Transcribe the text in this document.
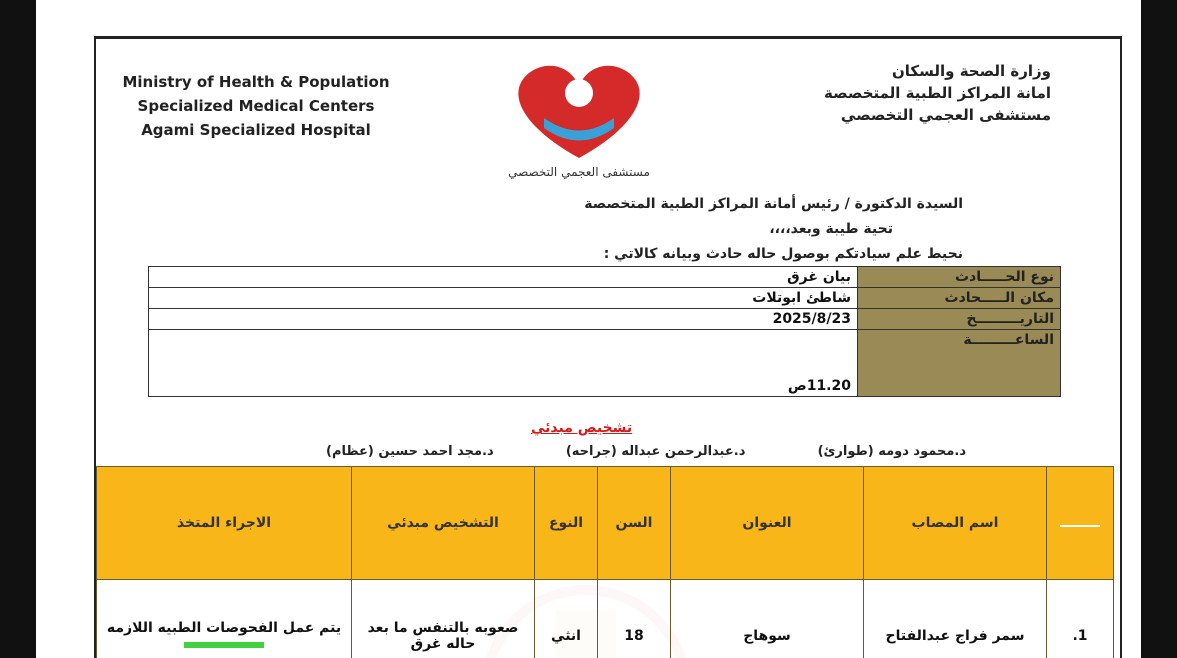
Ministry of Health & Population
Specialized Medical Centers
Agami Specialized Hospital
مستشفى العجمي التخصصي
وزارة الصحة والسكان
امانة المراكز الطبية المتخصصة
مستشفى العجمي التخصصي
السيدة الدكتورة / رئيس أمانة المراكز الطبية المتخصصة
تحية طيبة وبعد،،،،
نحيط علم سيادتكم بوصول حاله حادث وبيانه كالاتي :
نوع الحـــــادث	بيان غرق
مكان الـــــحادث	شاطئ ابوتلات
التاريـــــــــخ	2025/8/23
الساعـــــــــة	11.20ص
تشخيص مبدئي
د.محمود دومه (طوارئ)
د.عبدالرحمن عبداله (جراحه)
د.مجد احمد حسين (عظام)
	اسم المصاب	العنوان	السن	النوع	التشخيص مبدئي	الاجراء المتخذ
1.	سمر فراج عبدالفتاح	سوهاج	18	انثي	صعوبه بالتنفس ما بعد حاله غرق	يتم عمل الفحوصات الطبيه اللازمه
